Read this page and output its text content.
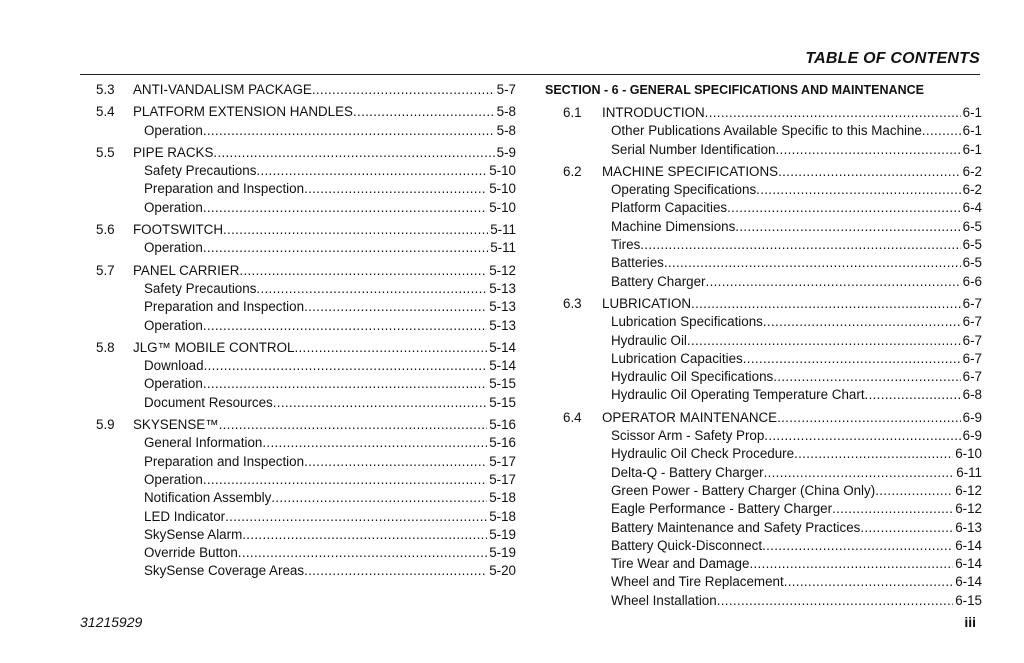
TABLE OF CONTENTS
5.3	ANTI-VANDALISM PACKAGE . . .	5-7
5.4	PLATFORM EXTENSION HANDLES . . .	5-8
Operation . . .	5-8
5.5	PIPE RACKS . . .	5-9
Safety Precautions . . .	5-10
Preparation and Inspection . . .	5-10
Operation . . .	5-10
5.6	FOOTSWITCH . . .	5-11
Operation . . .	5-11
5.7	PANEL CARRIER . . .	5-12
Safety Precautions . . .	5-13
Preparation and Inspection . . .	5-13
Operation . . .	5-13
5.8	JLG™ MOBILE CONTROL . . .	5-14
Download . . .	5-14
Operation . . .	5-15
Document Resources . . .	5-15
5.9	SKYSENSE™ . . .	5-16
General Information . . .	5-16
Preparation and Inspection . . .	5-17
Operation . . .	5-17
Notification Assembly . . .	5-18
LED Indicator . . .	5-18
SkySense Alarm . . .	5-19
Override Button . . .	5-19
SkySense Coverage Areas . . .	5-20
SECTION - 6 - GENERAL SPECIFICATIONS AND MAINTENANCE
6.1	INTRODUCTION . . .	6-1
Other Publications Available Specific to this Machine . . .	6-1
Serial Number Identification . . .	6-1
6.2	MACHINE SPECIFICATIONS . . .	6-2
Operating Specifications . . .	6-2
Platform Capacities . . .	6-4
Machine Dimensions . . .	6-5
Tires . . .	6-5
Batteries . . .	6-5
Battery Charger . . .	6-6
6.3	LUBRICATION . . .	6-7
Lubrication Specifications . . .	6-7
Hydraulic Oil . . .	6-7
Lubrication Capacities . . .	6-7
Hydraulic Oil Specifications . . .	6-7
Hydraulic Oil Operating Temperature Chart . . .	6-8
6.4	OPERATOR MAINTENANCE . . .	6-9
Scissor Arm - Safety Prop . . .	6-9
Hydraulic Oil Check Procedure . . .	6-10
Delta-Q - Battery Charger . . .	6-11
Green Power - Battery Charger (China Only) . . .	6-12
Eagle Performance - Battery Charger . . .	6-12
Battery Maintenance and Safety Practices . . .	6-13
Battery Quick-Disconnect . . .	6-14
Tire Wear and Damage . . .	6-14
Wheel and Tire Replacement . . .	6-14
Wheel Installation . . .	6-15
31215929	iii
